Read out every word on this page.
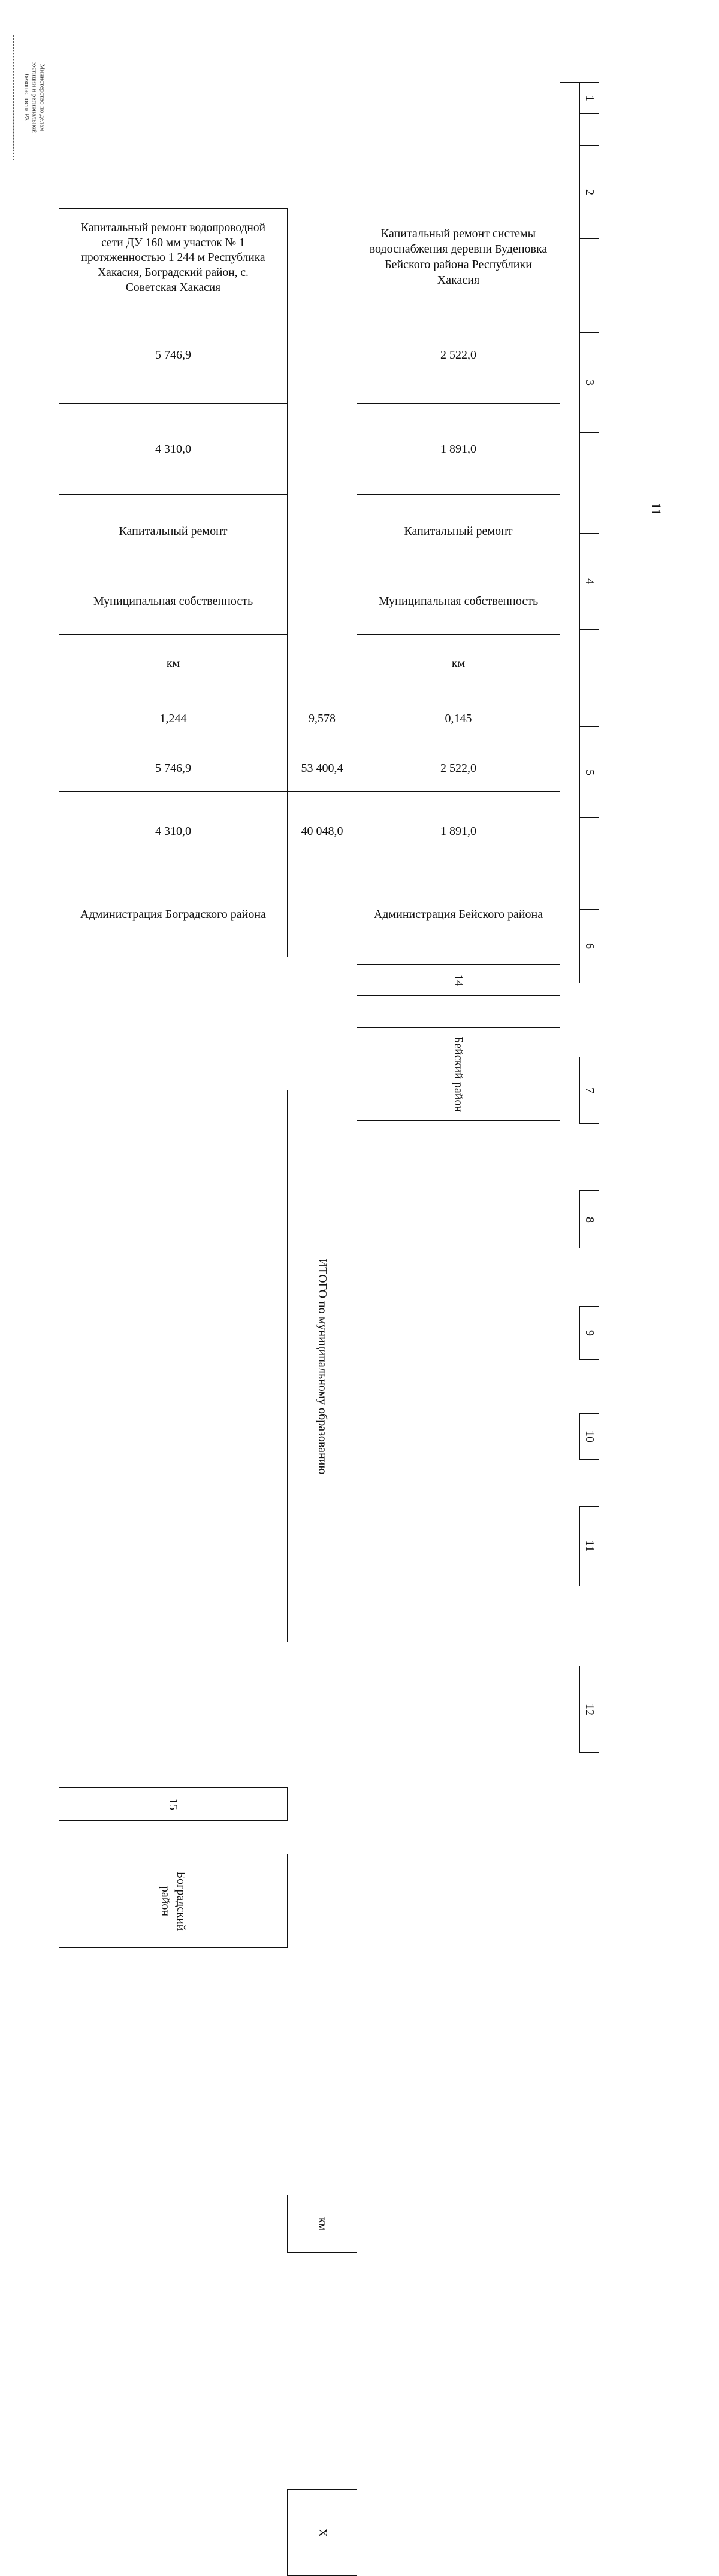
Министерство по делам
юстиции и региональной
безопасности РХ
11
1
2
3
4
5
6
7
8
9
10
11
12
14
Бейский район
Капитальный ремонт системы водоснабжения деревни Буденовка Бейского района Республики Хакасия
2 522,0
1 891,0
Капитальный ремонт
Муниципальная собственность
км
0,145
2 522,0
1 891,0
Администрация Бейского района
ИТОГО по муниципальному образованию
км
9,578
53 400,4
40 048,0
Х
15
Боградский район
Капитальный ремонт водопроводной сети ДУ 160 мм участок № 1 протяженностью 1 244 м Республика Хакасия, Боградский район, с. Советская Хакасия
5 746,9
4 310,0
Капитальный ремонт
Муниципальная собственность
км
1,244
5 746,9
4 310,0
Администрация Боградского района
